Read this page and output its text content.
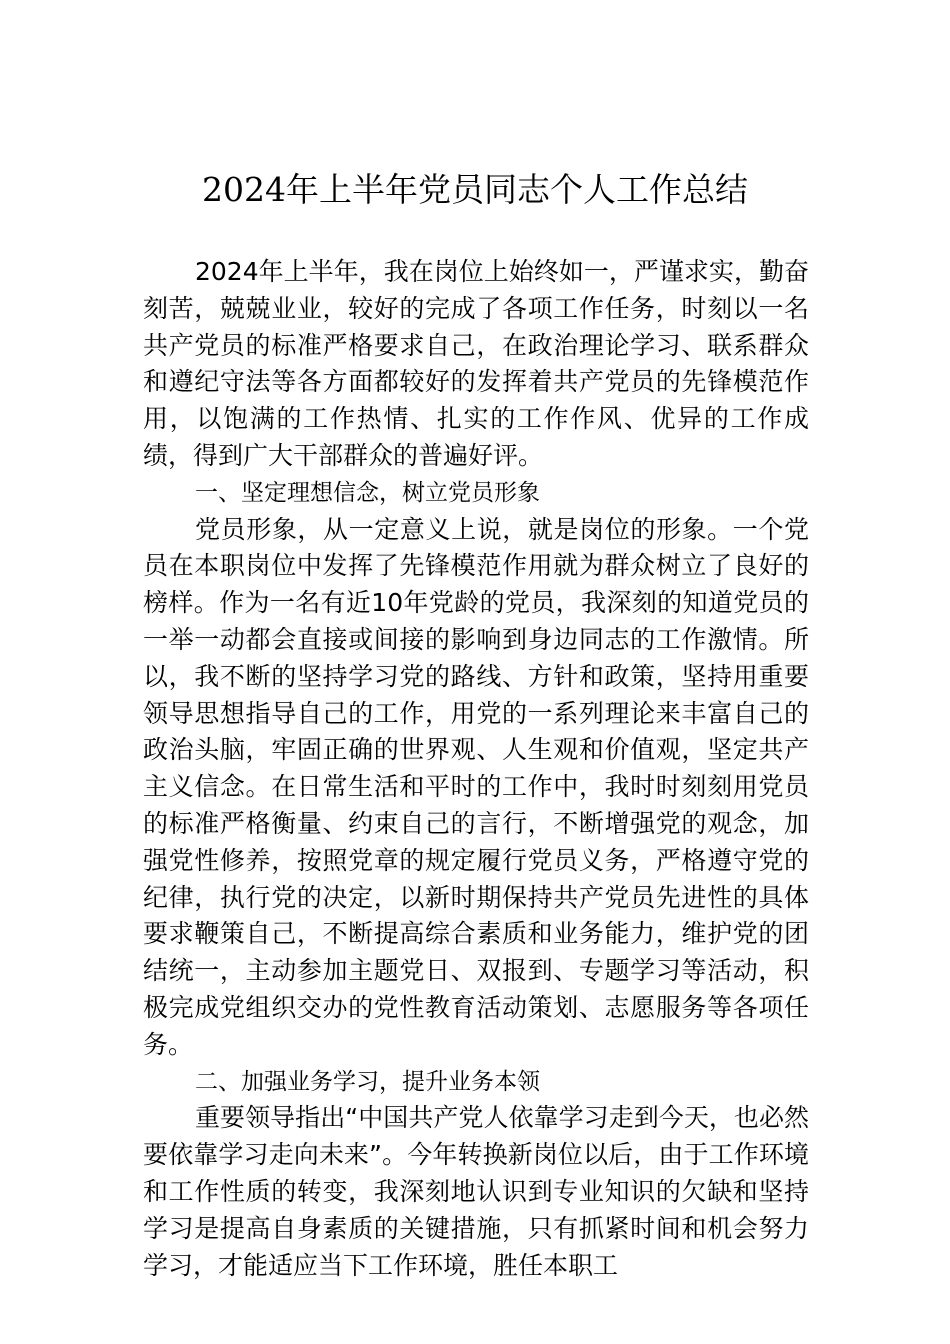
2024年上半年党员同志个人工作总结

2024年上半年，我在岗位上始终如一，严谨求实，勤奋刻苦，兢兢业业，较好的完成了各项工作任务，时刻以一名共产党员的标准严格要求自己，在政治理论学习、联系群众和遵纪守法等各方面都较好的发挥着共产党员的先锋模范作用，以饱满的工作热情、扎实的工作作风、优异的工作成绩，得到广大干部群众的普遍好评。

一、坚定理想信念，树立党员形象

党员形象，从一定意义上说，就是岗位的形象。一个党员在本职岗位中发挥了先锋模范作用就为群众树立了良好的榜样。作为一名有近10年党龄的党员，我深刻的知道党员的一举一动都会直接或间接的影响到身边同志的工作激情。所以，我不断的坚持学习党的路线、方针和政策，坚持用重要领导思想指导自己的工作，用党的一系列理论来丰富自己的政治头脑，牢固正确的世界观、人生观和价值观，坚定共产主义信念。在日常生活和平时的工作中，我时时刻刻用党员的标准严格衡量、约束自己的言行，不断增强党的观念，加强党性修养，按照党章的规定履行党员义务，严格遵守党的纪律，执行党的决定，以新时期保持共产党员先进性的具体要求鞭策自己，不断提高综合素质和业务能力，维护党的团结统一，主动参加主题党日、双报到、专题学习等活动，积极完成党组织交办的党性教育活动策划、志愿服务等各项任务。

二、加强业务学习，提升业务本领

重要领导指出“中国共产党人依靠学习走到今天，也必然要依靠学习走向未来”。今年转换新岗位以后，由于工作环境和工作性质的转变，我深刻地认识到专业知识的欠缺和坚持学习是提高自身素质的关键措施，只有抓紧时间和机会努力学习，才能适应当下工作环境，胜任本职工
